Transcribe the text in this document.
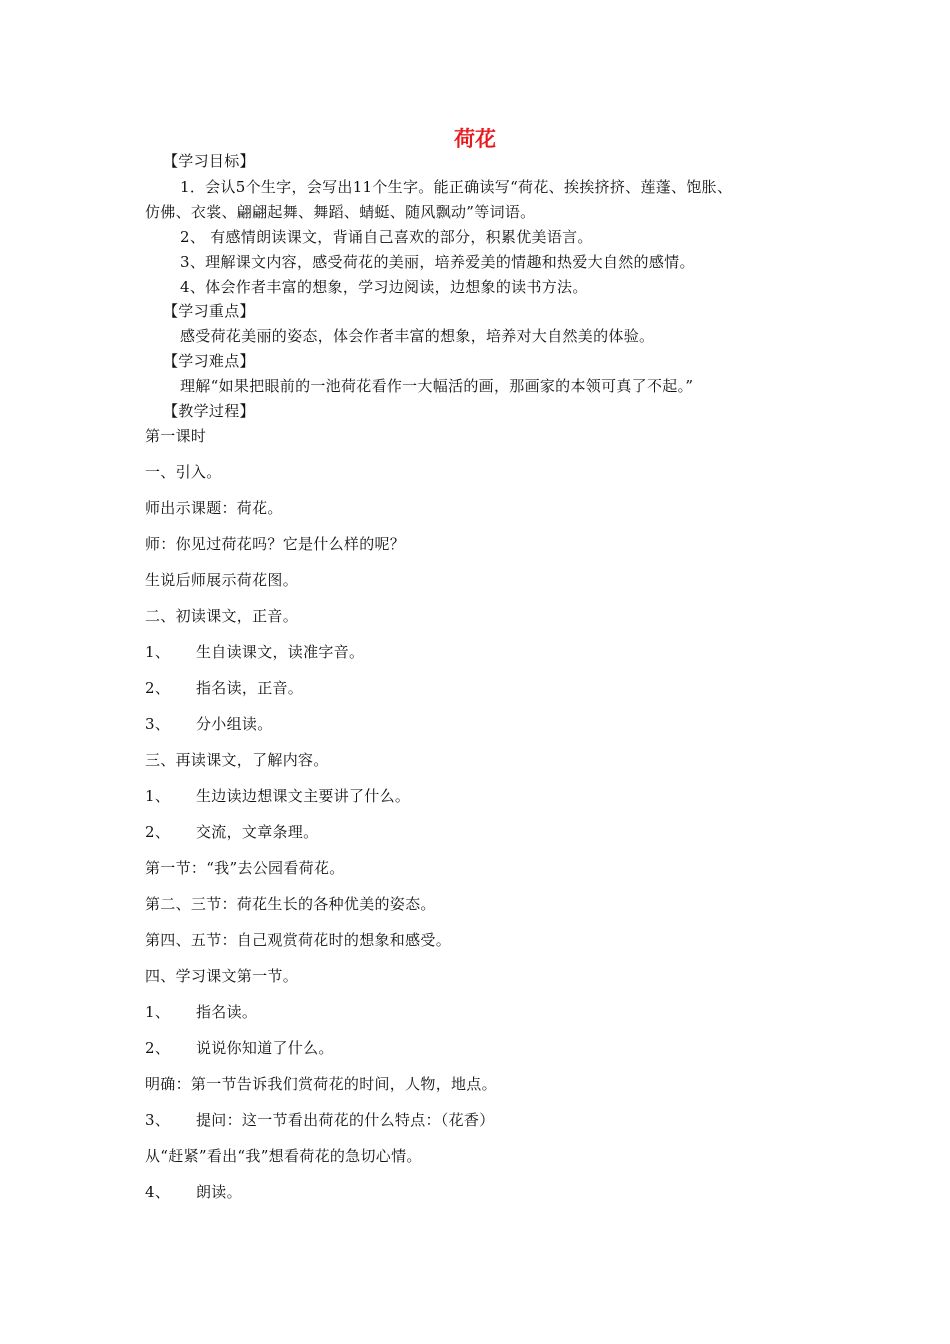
荷花
【学习目标】
1．会认5个生字，会写出11个生字。能正确读写“荷花、挨挨挤挤、莲蓬、饱胀、
仿佛、衣裳、翩翩起舞、舞蹈、蜻蜓、随风飘动”等词语。
2、 有感情朗读课文，背诵自己喜欢的部分，积累优美语言。
3、理解课文内容，感受荷花的美丽，培养爱美的情趣和热爱大自然的感情。
4、体会作者丰富的想象，学习边阅读，边想象的读书方法。
【学习重点】
感受荷花美丽的姿态，体会作者丰富的想象，培养对大自然美的体验。
【学习难点】
理解“如果把眼前的一池荷花看作一大幅活的画，那画家的本领可真了不起。”
【教学过程】
第一课时
一、引入。
师出示课题：荷花。
师：你见过荷花吗？它是什么样的呢？
生说后师展示荷花图。
二、初读课文，正音。
1、 生自读课文，读准字音。
2、 指名读，正音。
3、 分小组读。
三、再读课文，了解内容。
1、 生边读边想课文主要讲了什么。
2、 交流，文章条理。
第一节：“我”去公园看荷花。
第二、三节：荷花生长的各种优美的姿态。
第四、五节：自己观赏荷花时的想象和感受。
四、学习课文第一节。
1、 指名读。
2、 说说你知道了什么。
明确：第一节告诉我们赏荷花的时间，人物，地点。
3、 提问：这一节看出荷花的什么特点：（花香）
从“赶紧”看出“我”想看荷花的急切心情。
4、 朗读。
